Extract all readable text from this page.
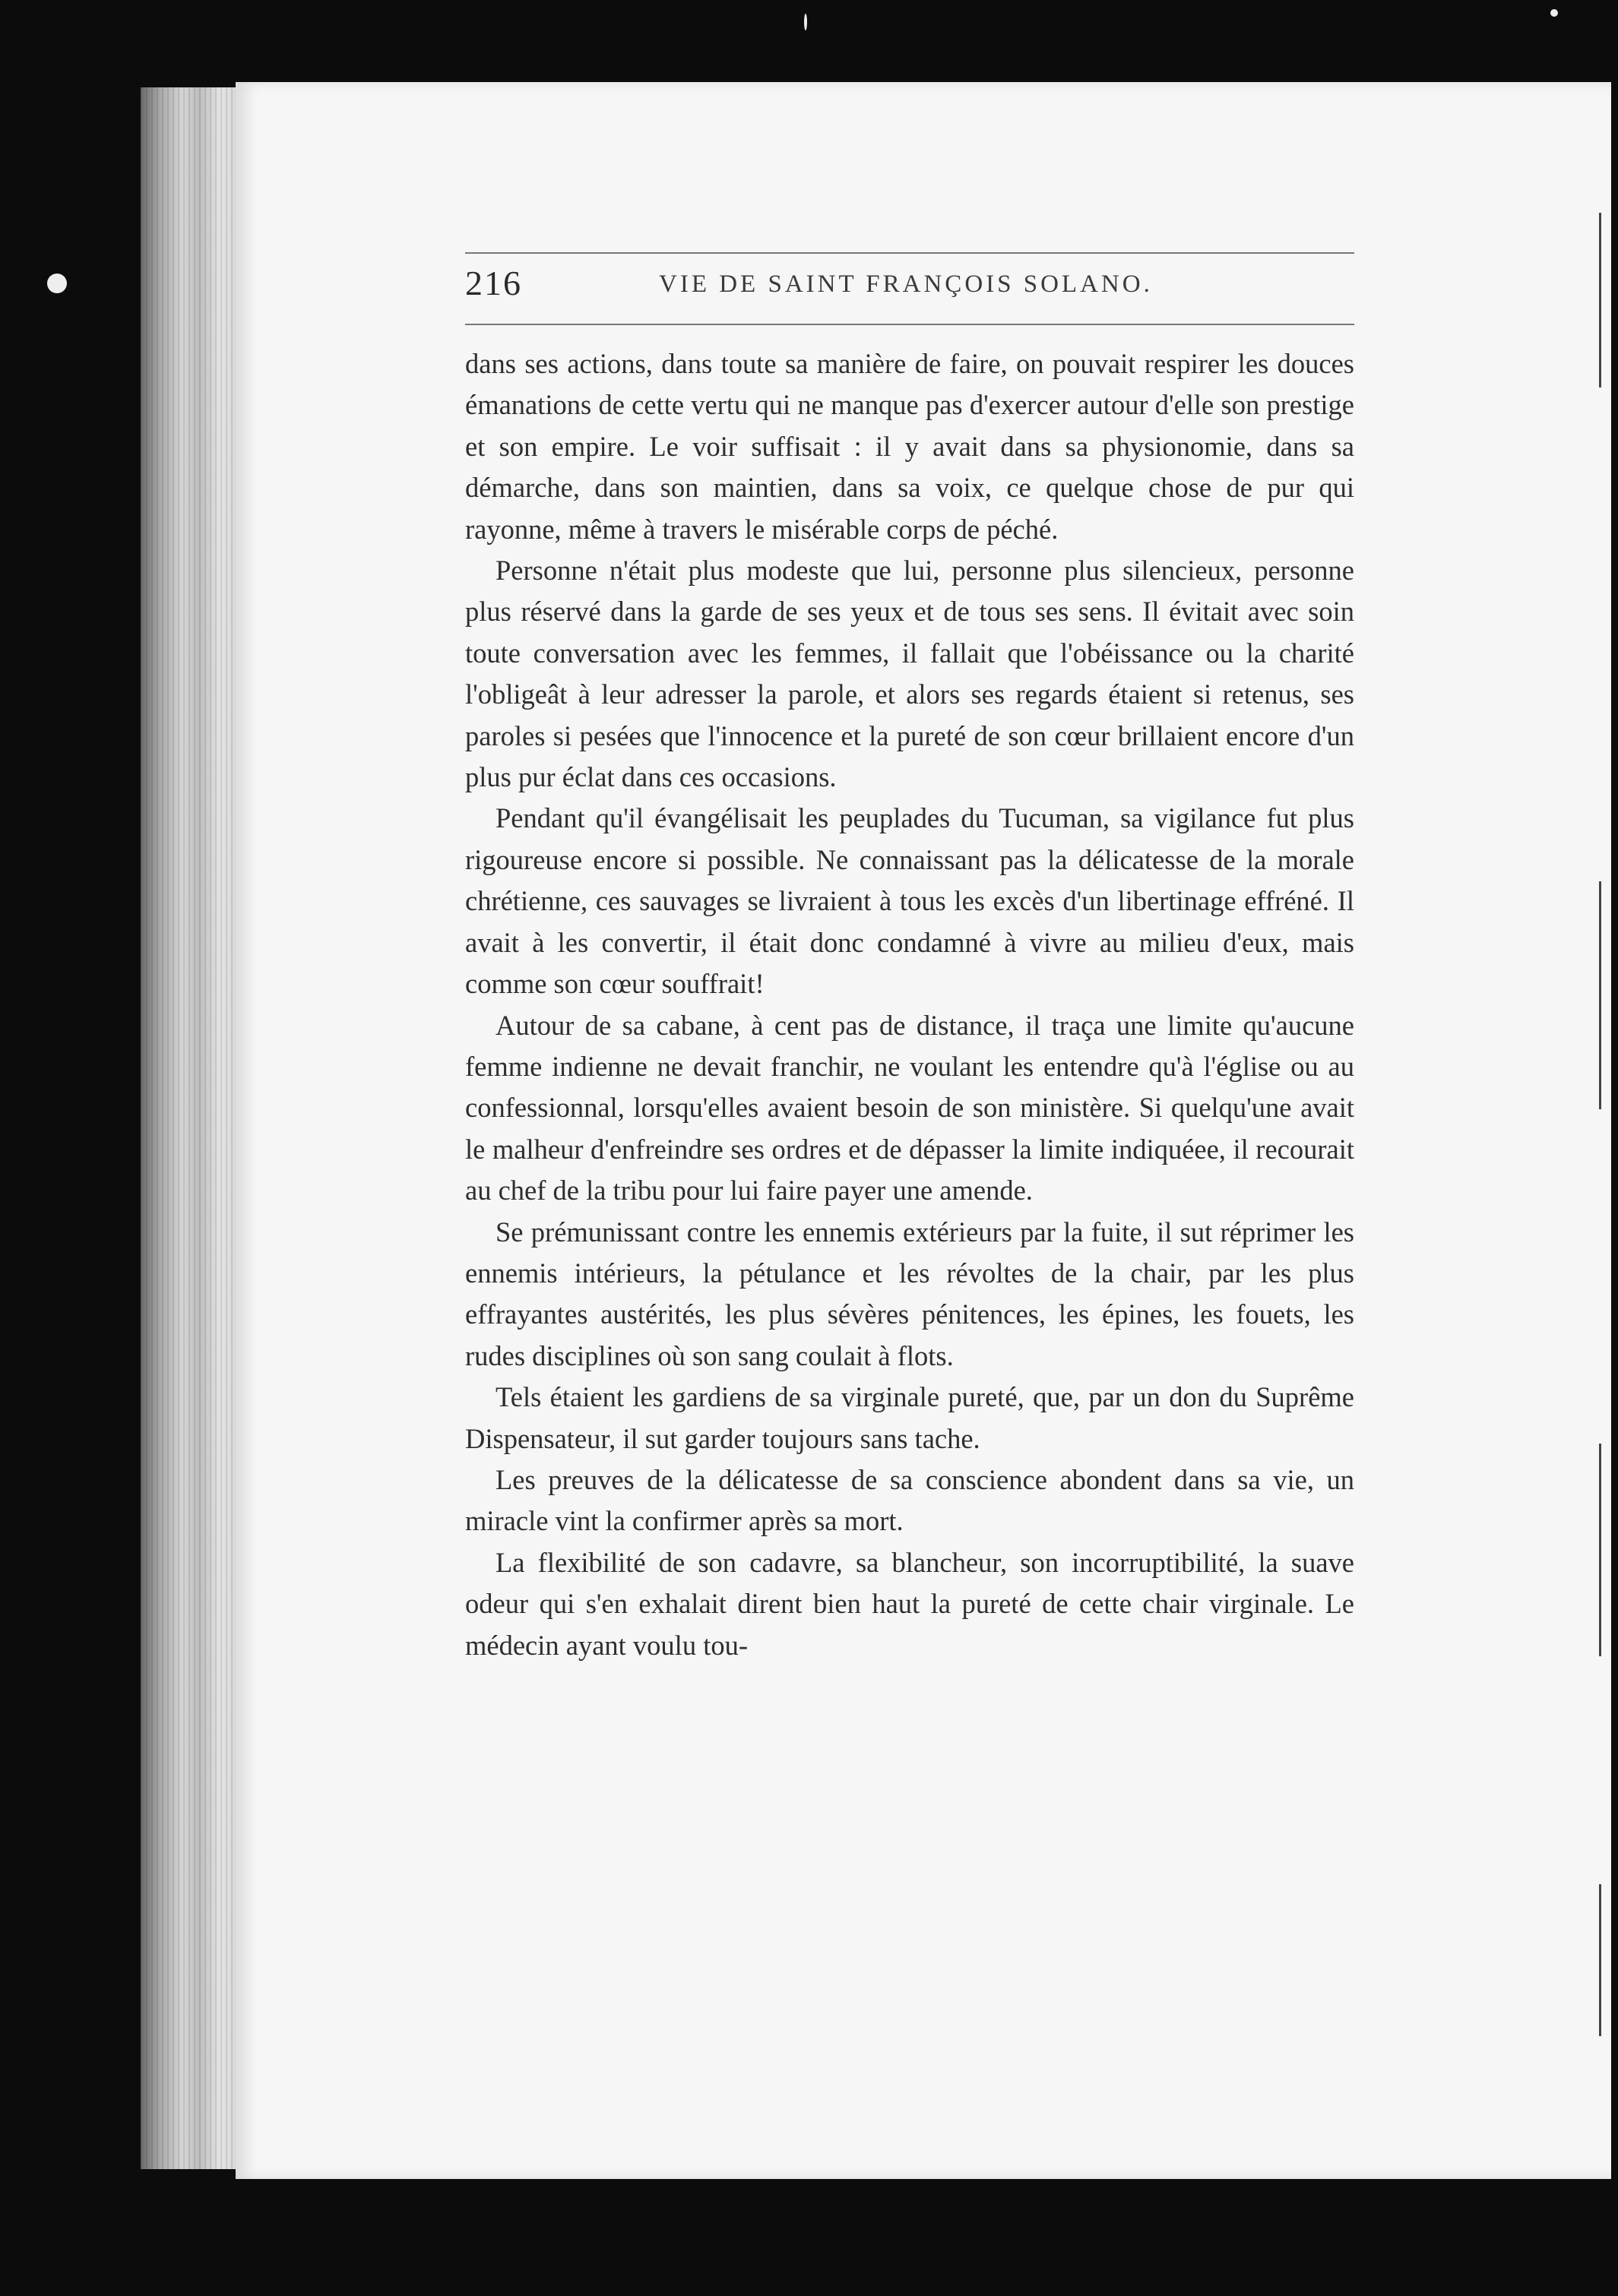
216	VIE DE SAINT FRANÇOIS SOLANO.

dans ses actions, dans toute sa manière de faire, on pouvait respirer les douces émanations de cette vertu qui ne manque pas d'exercer autour d'elle son prestige et son empire. Le voir suffisait : il y avait dans sa physionomie, dans sa démarche, dans son maintien, dans sa voix, ce quelque chose de pur qui rayonne, même à travers le misérable corps de péché.

Personne n'était plus modeste que lui, personne plus silencieux, personne plus réservé dans la garde de ses yeux et de tous ses sens. Il évitait avec soin toute conversation avec les femmes, il fallait que l'obéissance ou la charité l'obligeât à leur adresser la parole, et alors ses regards étaient si retenus, ses paroles si pesées que l'innocence et la pureté de son cœur brillaient encore d'un plus pur éclat dans ces occasions.

Pendant qu'il évangélisait les peuplades du Tucuman, sa vigilance fut plus rigoureuse encore si possible. Ne connaissant pas la délicatesse de la morale chrétienne, ces sauvages se livraient à tous les excès d'un libertinage effréné. Il avait à les convertir, il était donc condamné à vivre au milieu d'eux, mais comme son cœur souffrait!

Autour de sa cabane, à cent pas de distance, il traça une limite qu'aucune femme indienne ne devait franchir, ne voulant les entendre qu'à l'église ou au confessionnal, lorsqu'elles avaient besoin de son ministère. Si quelqu'une avait le malheur d'enfreindre ses ordres et de dépasser la limite indiquéee, il recourait au chef de la tribu pour lui faire payer une amende.

Se prémunissant contre les ennemis extérieurs par la fuite, il sut réprimer les ennemis intérieurs, la pétulance et les révoltes de la chair, par les plus effrayantes austérités, les plus sévères pénitences, les épines, les fouets, les rudes disciplines où son sang coulait à flots.

Tels étaient les gardiens de sa virginale pureté, que, par un don du Suprême Dispensateur, il sut garder toujours sans tache.

Les preuves de la délicatesse de sa conscience abondent dans sa vie, un miracle vint la confirmer après sa mort.

La flexibilité de son cadavre, sa blancheur, son incorruptibilité, la suave odeur qui s'en exhalait dirent bien haut la pureté de cette chair virginale. Le médecin ayant voulu tou-
